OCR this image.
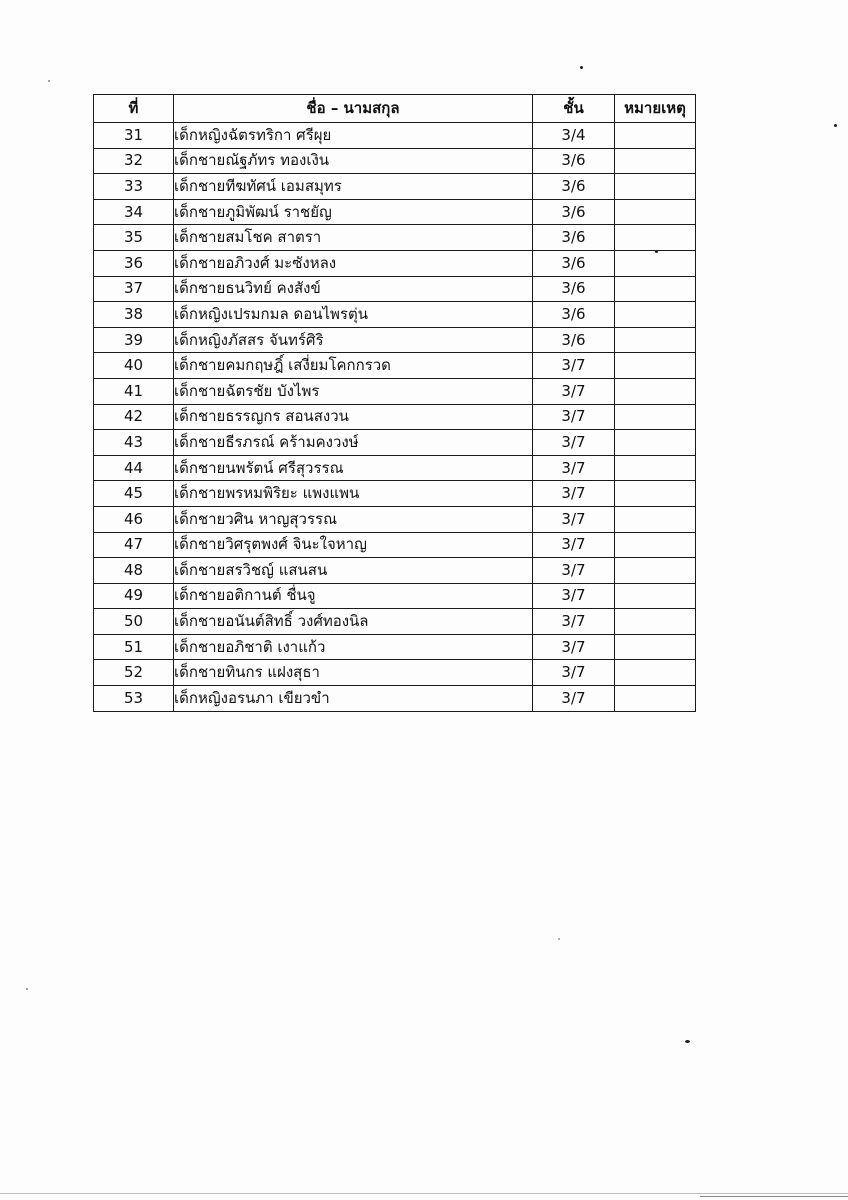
ที่	ชื่อ – นามสกุล	ชั้น	หมายเหตุ
31	เด็กหญิงฉัตรทริกา ศรีผุย	3/4	
32	เด็กชายณัฐภัทร ทองเงิน	3/6	
33	เด็กชายทีฆทัศน์ เอมสมุทร	3/6	
34	เด็กชายภูมิพัฒน์ ราชยัญ	3/6	
35	เด็กชายสมโชค สาตรา	3/6	
36	เด็กชายอภิวงศ์ มะซังหลง	3/6	
37	เด็กชายธนวิทย์ คงสังข์	3/6	
38	เด็กหญิงเปรมกมล ดอนไพรตุ่น	3/6	
39	เด็กหญิงภัสสร จันทร์ศิริ	3/6	
40	เด็กชายคมกฤษฎิ์ เสงี่ยมโคกกรวด	3/7	
41	เด็กชายฉัตรชัย บังไพร	3/7	
42	เด็กชายธรรญกร สอนสงวน	3/7	
43	เด็กชายธีรภรณ์ คร้ามคงวงษ์	3/7	
44	เด็กชายนพรัตน์ ศรีสุวรรณ	3/7	
45	เด็กชายพรหมพิริยะ แพงแพน	3/7	
46	เด็กชายวศิน หาญสุวรรณ	3/7	
47	เด็กชายวิศรุตพงศ์ จินะใจหาญ	3/7	
48	เด็กชายสรวิชญ์ แสนสน	3/7	
49	เด็กชายอติกานต์ ชื่นจู	3/7	
50	เด็กชายอนันต์สิทธิ์ วงศ์ทองนิล	3/7	
51	เด็กชายอภิชาติ เงาแก้ว	3/7	
52	เด็กชายทินกร แฝงสุธา	3/7	
53	เด็กหญิงอรนภา เขียวขำ	3/7	
